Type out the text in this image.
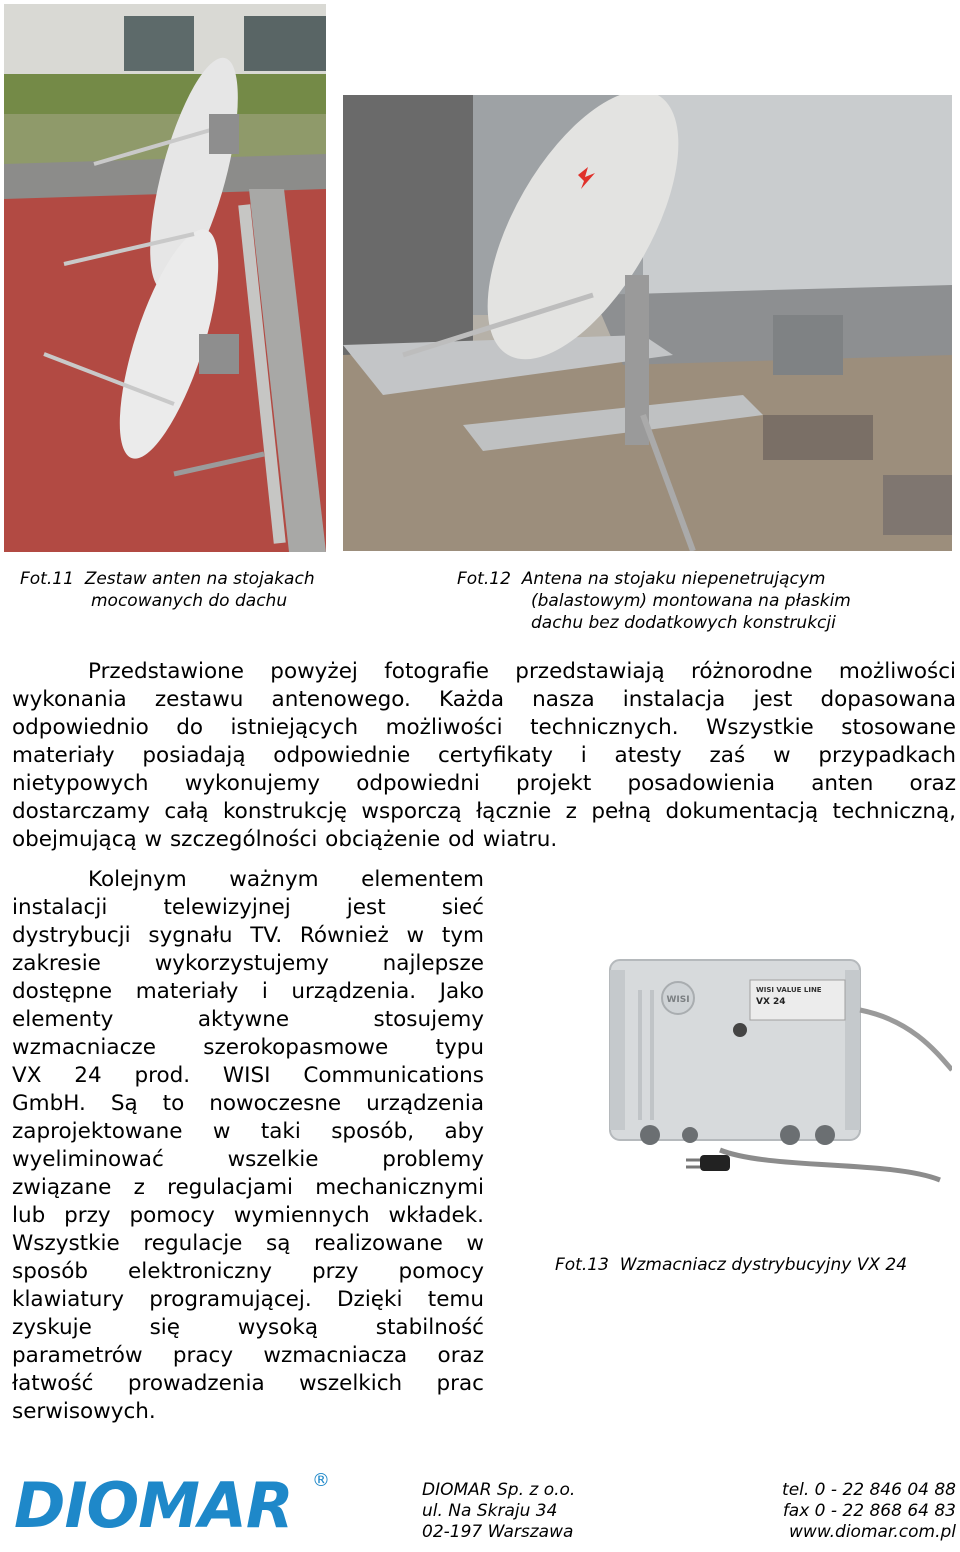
Fot.11 Zestaw anten na stojakach
mocowanych do dachu
Fot.12 Antena na stojaku niepenetrującym
(balastowym) montowana na płaskim
dachu bez dodatkowych konstrukcji
Przedstawione powyżej fotografie przedstawiają różnorodne możliwości
wykonania zestawu antenowego. Każda nasza instalacja jest dopasowana
odpowiednio do istniejących możliwości technicznych. Wszystkie stosowane
materiały posiadają odpowiednie certyfikaty i atesty zaś w przypadkach
nietypowych wykonujemy odpowiedni projekt posadowienia anten oraz
dostarczamy całą konstrukcję wsporczą łącznie z pełną dokumentacją techniczną,
obejmującą w szczególności obciążenie od wiatru.
Kolejnym ważnym elementem
instalacji telewizyjnej jest sieć
dystrybucji sygnału TV. Również w tym
zakresie wykorzystujemy najlepsze
dostępne materiały i urządzenia. Jako
elementy aktywne stosujemy
wzmacniacze szerokopasmowe typu
VX 24 prod. WISI Communications
GmbH. Są to nowoczesne urządzenia
zaprojektowane w taki sposób, aby
wyeliminować wszelkie problemy
związane z regulacjami mechanicznymi
lub przy pomocy wymiennych wkładek.
Wszystkie regulacje są realizowane w
sposób elektroniczny przy pomocy
klawiatury programującej. Dzięki temu
zyskuje się wysoką stabilność
parametrów pracy wzmacniacza oraz
łatwość prowadzenia wszelkich prac
serwisowych.
WISI
WISI VALUE LINE
VX 24
Fot.13 Wzmacniacz dystrybucyjny VX 24
DIOMAR ®	DIOMAR Sp. z o.o.
ul. Na Skraju 34
02-197 Warszawa
tel. 0 - 22 846 04 88
fax 0 - 22 868 64 83
www.diomar.com.pl
